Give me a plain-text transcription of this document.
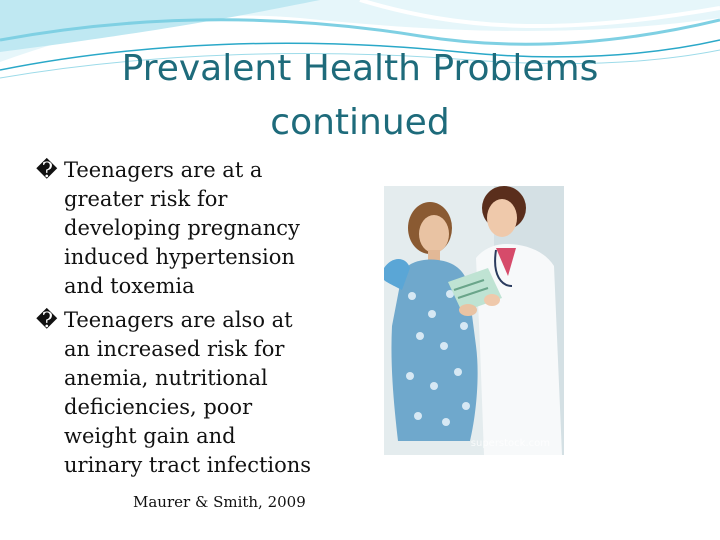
Prevalent Health Problems
continued
� Teenagers are at a
greater risk for
developing pregnancy
induced hypertension
and toxemia
� Teenagers are also at
an increased risk for
anemia, nutritional
deficiencies, poor
weight gain and
urinary tract infections
Maurer & Smith, 2009
superstock.com
